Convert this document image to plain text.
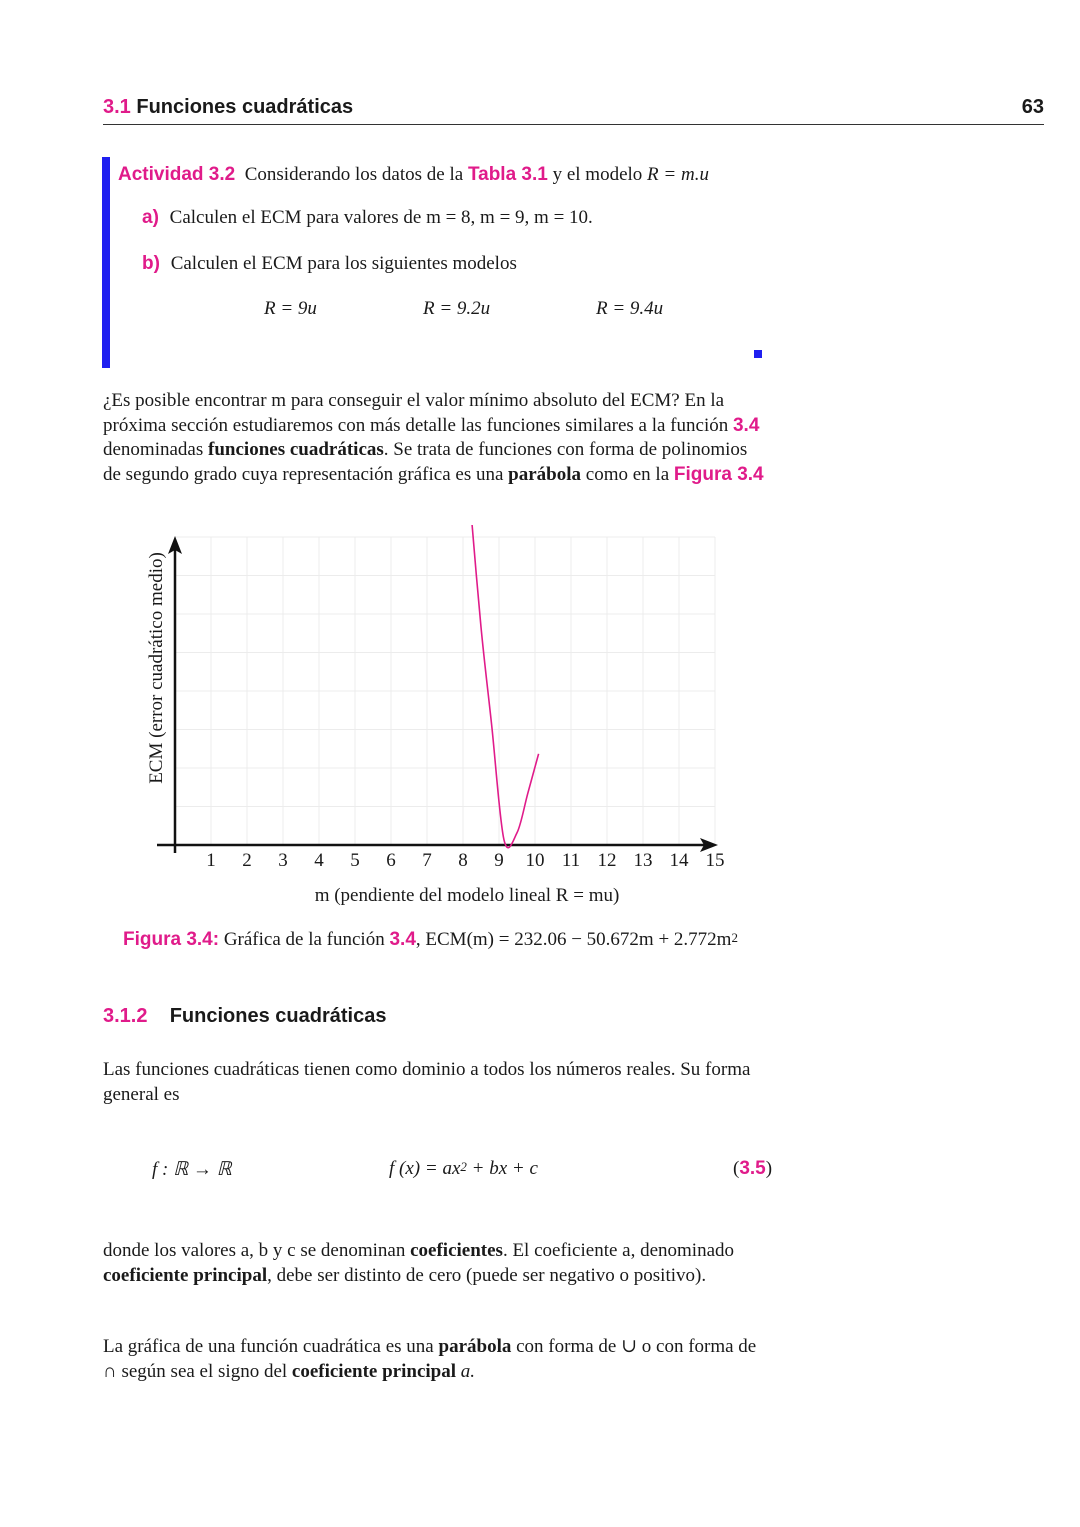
3.1 Funciones cuadráticas	63
Actividad 3.2 Considerando los datos de la Tabla 3.1 y el modelo R = m.u
a) Calculen el ECM para valores de m = 8, m = 9, m = 10.
b) Calculen el ECM para los siguientes modelos
R = 9u	R = 9.2u	R = 9.4u
¿Es posible encontrar m para conseguir el valor mínimo absoluto del ECM? En la
próxima sección estudiaremos con más detalle las funciones similares a la función 3.4
denominadas funciones cuadráticas. Se trata de funciones con forma de polinomios
de segundo grado cuya representación gráfica es una parábola como en la Figura 3.4
1 2 3 4 5 6 7 8 9 10 11 12 13 14 15
ECM (error cuadrático medio)
m (pendiente del modelo lineal R = mu)
Figura 3.4: Gráfica de la función 3.4, $ECM(m) = 232.06 - 50.672m + 2.772m^2$
3.1.2 Funciones cuadráticas
Las funciones cuadráticas tienen como dominio a todos los números reales. Su forma
general es
f : ℝ → ℝ	f $(x) = ax^2$ + bx + c	(3.5)
donde los valores a, b y c se denominan coeficientes. El coeficiente a, denominado
coeficiente principal, debe ser distinto de cero (puede ser negativo o positivo).
La gráfica de una función cuadrática es una parábola con forma de ∪ o con forma de
∩ según sea el signo del coeficiente principal a.
